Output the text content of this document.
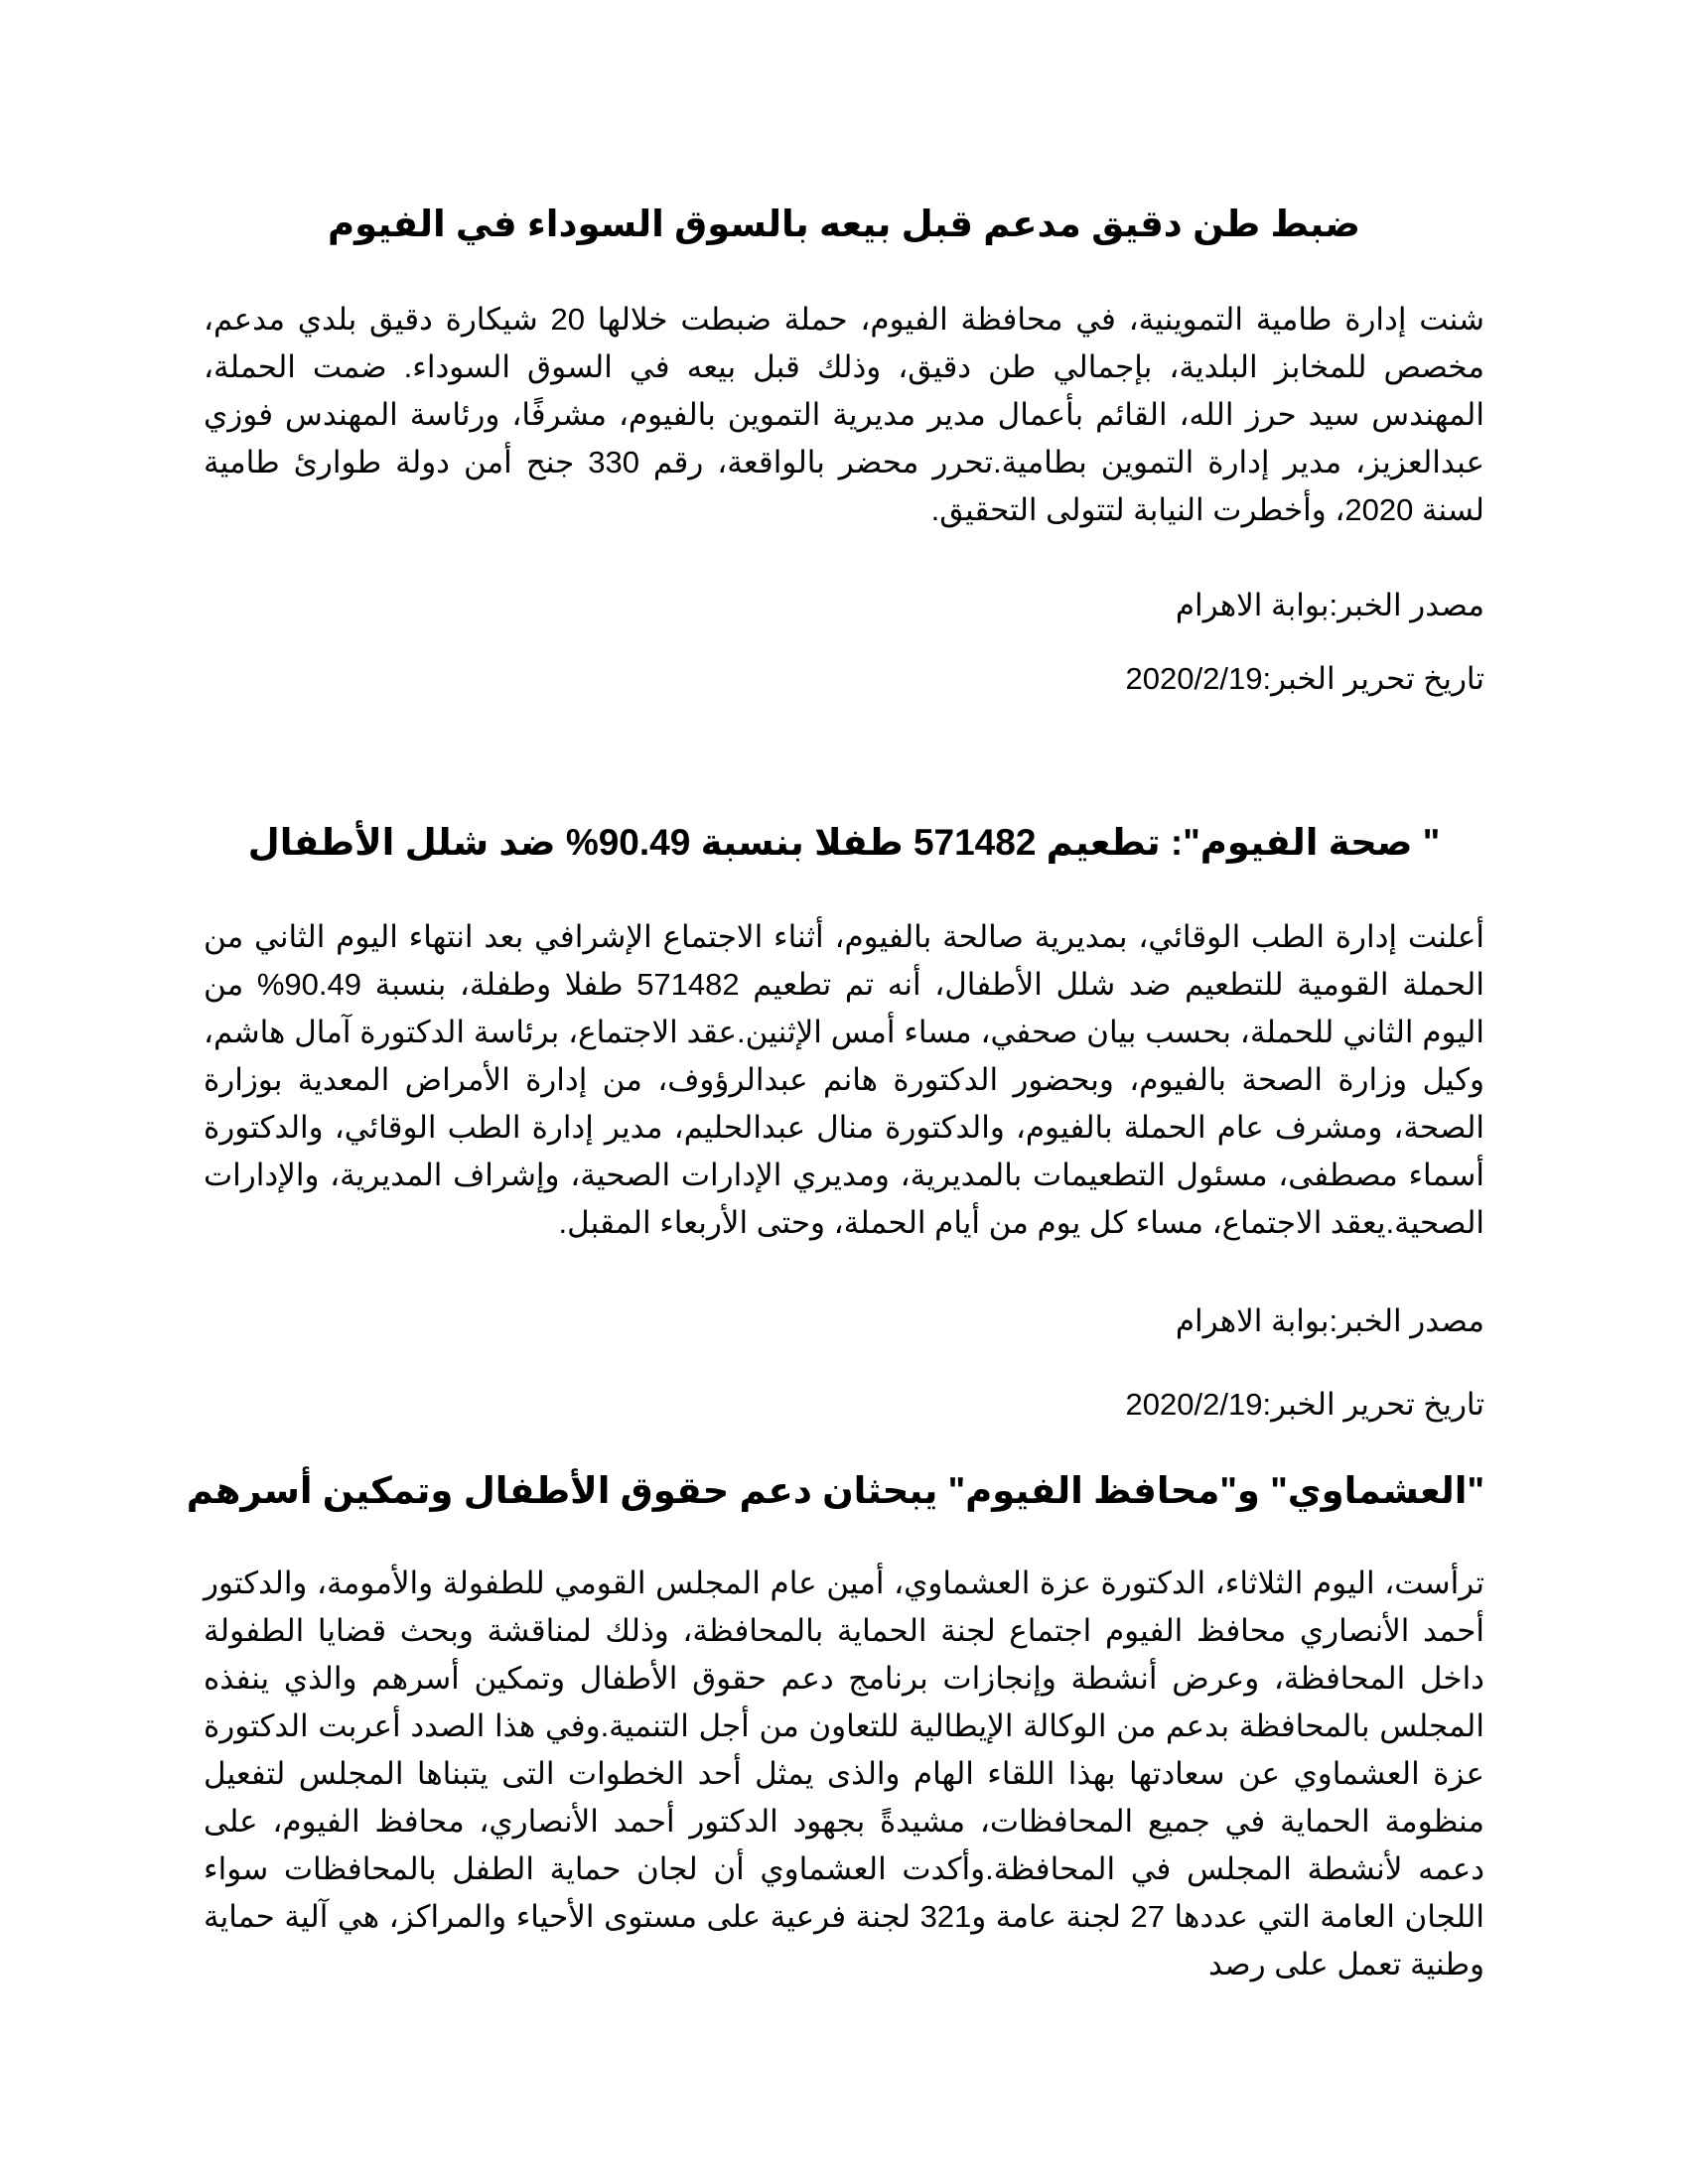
ضبط طن دقيق مدعم قبل بيعه بالسوق السوداء في الفيوم

شنت إدارة طامية التموينية، في محافظة الفيوم، حملة ضبطت خلالها 20 شيكارة دقيق بلدي مدعم، مخصص للمخابز البلدية، بإجمالي طن دقيق، وذلك قبل بيعه في السوق السوداء. ضمت الحملة، المهندس سيد حرز الله، القائم بأعمال مدير مديرية التموين بالفيوم، مشرفًا، ورئاسة المهندس فوزي عبدالعزيز، مدير إدارة التموين بطامية.تحرر محضر بالواقعة، رقم 330 جنح أمن دولة طوارئ طامية لسنة 2020، وأخطرت النيابة لتتولى التحقيق.

مصدر الخبر:بوابة الاهرام

تاريخ تحرير الخبر:2020/2/19

" صحة الفيوم": تطعيم 571482 طفلا بنسبة 90.49% ضد شلل الأطفال

أعلنت إدارة الطب الوقائي، بمديرية صالحة بالفيوم، أثناء الاجتماع الإشرافي بعد انتهاء اليوم الثاني من الحملة القومية للتطعيم ضد شلل الأطفال، أنه تم تطعيم 571482 طفلا وطفلة، بنسبة 90.49% من اليوم الثاني للحملة، بحسب بيان صحفي، مساء أمس الإثنين.عقد الاجتماع، برئاسة الدكتورة آمال هاشم، وكيل وزارة الصحة بالفيوم، وبحضور الدكتورة هانم عبدالرؤوف، من إدارة الأمراض المعدية بوزارة الصحة، ومشرف عام الحملة بالفيوم، والدكتورة منال عبدالحليم، مدير إدارة الطب الوقائي، والدكتورة أسماء مصطفى، مسئول التطعيمات بالمديرية، ومديري الإدارات الصحية، وإشراف المديرية، والإدارات الصحية.يعقد الاجتماع، مساء كل يوم من أيام الحملة، وحتى الأربعاء المقبل.

مصدر الخبر:بوابة الاهرام

تاريخ تحرير الخبر:2020/2/19

"العشماوي" و"محافظ الفيوم" يبحثان دعم حقوق الأطفال وتمكين أسرهم

ترأست، اليوم الثلاثاء، الدكتورة عزة العشماوي، أمين عام المجلس القومي للطفولة والأمومة، والدكتور أحمد الأنصاري محافظ الفيوم اجتماع لجنة الحماية بالمحافظة، وذلك لمناقشة وبحث قضايا الطفولة داخل المحافظة، وعرض أنشطة وإنجازات برنامج دعم حقوق الأطفال وتمكين أسرهم والذي ينفذه المجلس بالمحافظة بدعم من الوكالة الإيطالية للتعاون من أجل التنمية.وفي هذا الصدد أعربت الدكتورة عزة العشماوي عن سعادتها بهذا اللقاء الهام والذى يمثل أحد الخطوات التى يتبناها المجلس لتفعيل منظومة الحماية في جميع المحافظات، مشيدةً بجهود الدكتور أحمد الأنصاري، محافظ الفيوم، على دعمه لأنشطة المجلس في المحافظة.وأكدت العشماوي أن لجان حماية الطفل بالمحافظات سواء اللجان العامة التي عددها 27 لجنة عامة و321 لجنة فرعية على مستوى الأحياء والمراكز، هي آلية حماية وطنية تعمل على رصد
